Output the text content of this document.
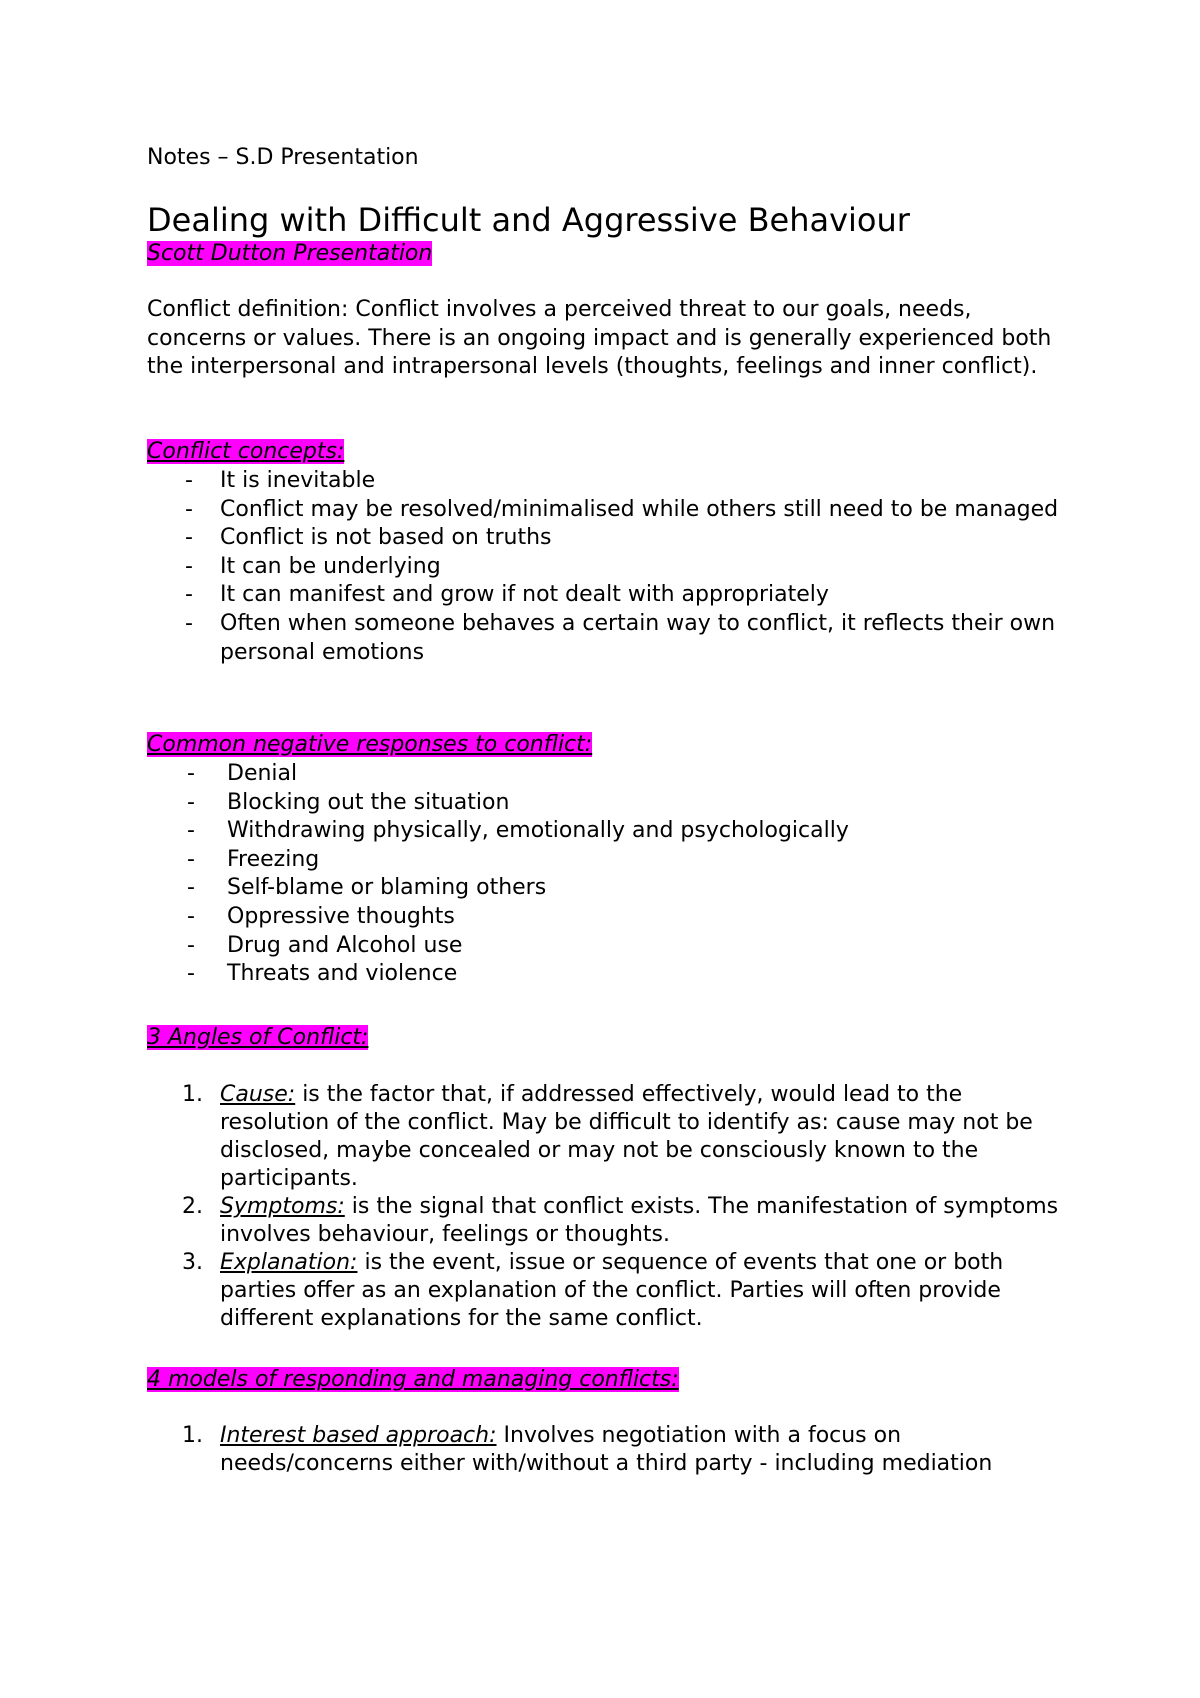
Notes – S.D Presentation
Dealing with Difficult and Aggressive Behaviour
Scott Dutton Presentation

Conflict definition: Conflict involves a perceived threat to our goals, needs, concerns or values. There is an ongoing impact and is generally experienced both the interpersonal and intrapersonal levels (thoughts, feelings and inner conflict).

Conflict concepts:
- It is inevitable
- Conflict may be resolved/minimalised while others still need to be managed
- Conflict is not based on truths
- It can be underlying
- It can manifest and grow if not dealt with appropriately
- Often when someone behaves a certain way to conflict, it reflects their own personal emotions
Common negative responses to conflict:
- Denial
- Blocking out the situation
- Withdrawing physically, emotionally and psychologically
- Freezing
- Self-blame or blaming others
- Oppressive thoughts
- Drug and Alcohol use
- Threats and violence
3 Angles of Conflict:
1. Cause: is the factor that, if addressed effectively, would lead to the resolution of the conflict. May be difficult to identify as: cause may not be disclosed, maybe concealed or may not be consciously known to the participants.
2. Symptoms: is the signal that conflict exists. The manifestation of symptoms involves behaviour, feelings or thoughts.
3. Explanation: is the event, issue or sequence of events that one or both parties offer as an explanation of the conflict. Parties will often provide different explanations for the same conflict.
4 models of responding and managing conflicts:
1. Interest based approach: Involves negotiation with a focus on needs/concerns either with/without a third party - including mediation
